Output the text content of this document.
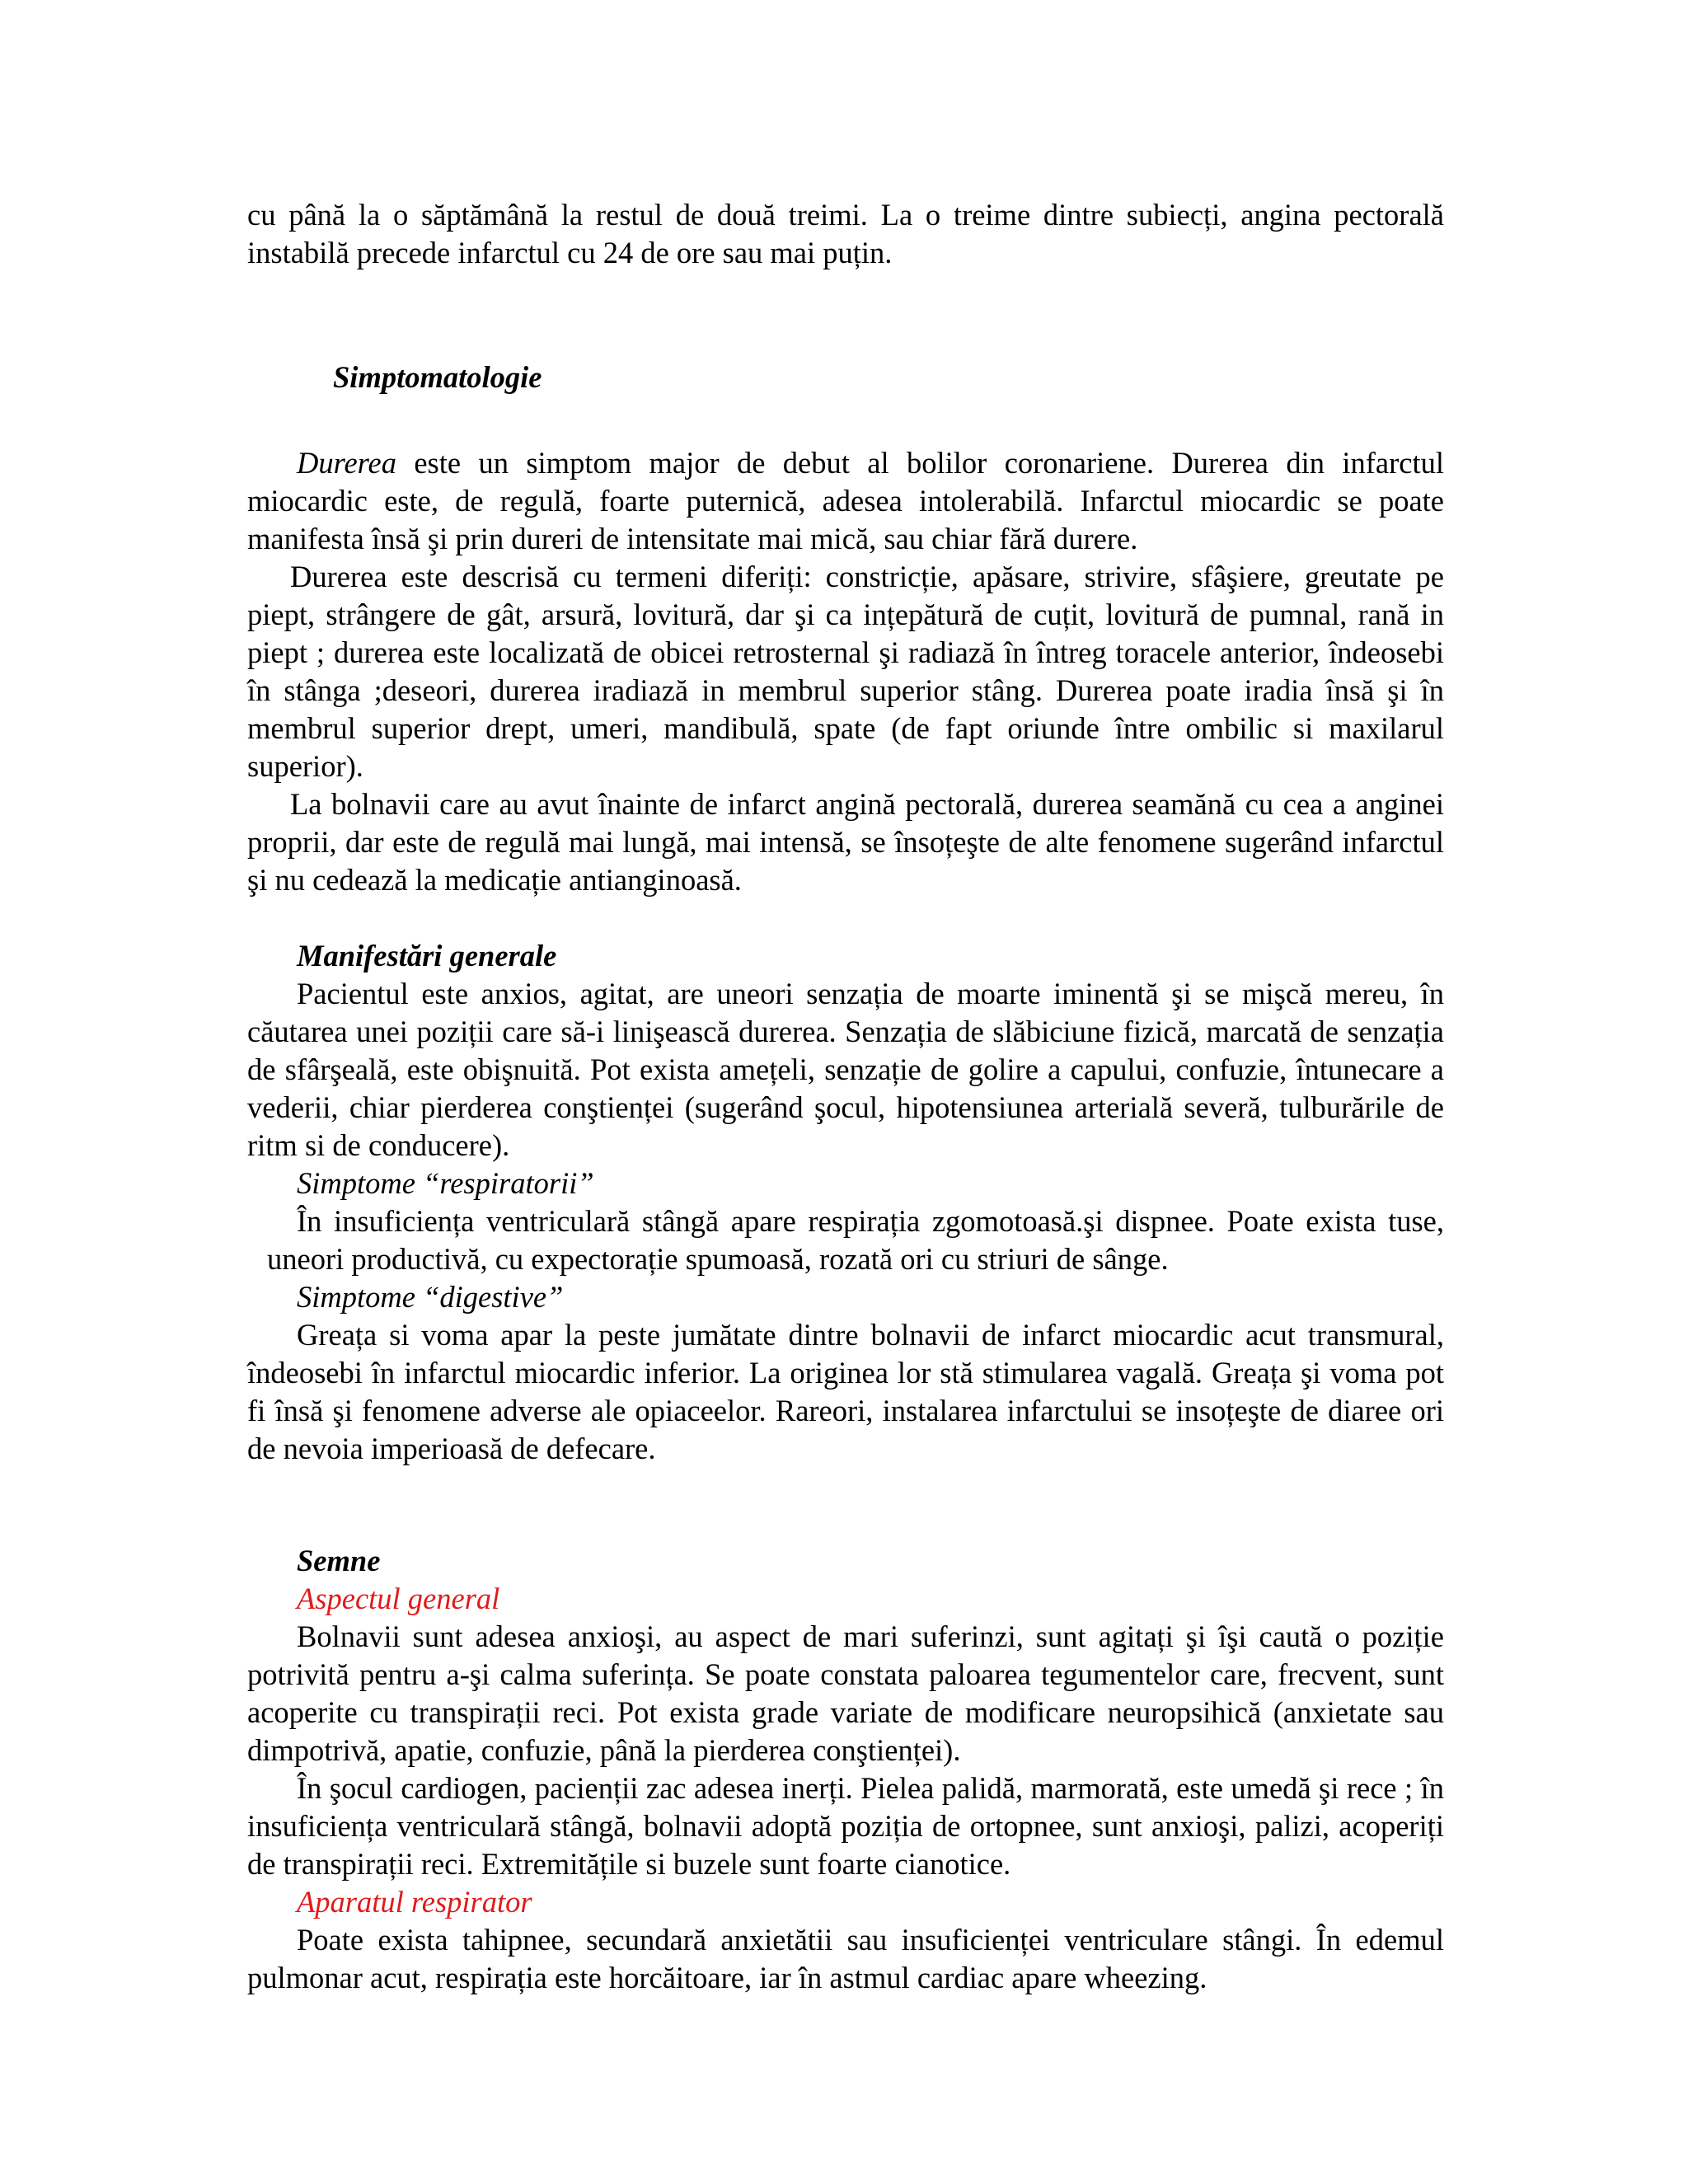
cu până la o săptămână la restul de două treimi. La o treime dintre subiecți, angina pectorală instabilă precede infarctul cu 24 de ore sau mai puțin.

Simptomatologie

Durerea este un simptom major de debut al bolilor coronariene. Durerea din infarctul miocardic este, de regulă, foarte puternică, adesea intolerabilă. Infarctul miocardic se poate manifesta însă şi prin dureri de intensitate mai mică, sau chiar fără durere.

Durerea este descrisă cu termeni diferiți: constricție, apăsare, strivire, sfâşiere, greutate pe piept, strângere de gât, arsură, lovitură, dar şi ca ințepătură de cuțit, lovitură de pumnal, rană in piept ; durerea este localizată de obicei retrosternal şi radiază în întreg toracele anterior, îndeosebi în stânga ;deseori, durerea iradiază in membrul superior stâng. Durerea poate iradia însă şi în membrul superior drept, umeri, mandibulă, spate (de fapt oriunde între ombilic si maxilarul superior).

La bolnavii care au avut înainte de infarct angină pectorală, durerea seamănă cu cea a anginei proprii, dar este de regulă mai lungă, mai intensă, se însoțeşte de alte fenomene sugerând infarctul şi nu cedează la medicație antianginoasă.

Manifestări generale

Pacientul este anxios, agitat, are uneori senzația de moarte iminentă şi se mişcă mereu, în căutarea unei poziții care să-i linişească durerea. Senzația de slăbiciune fizică, marcată de senzația de sfârşeală, este obişnuită. Pot exista amețeli, senzație de golire a capului, confuzie, întunecare a vederii, chiar pierderea conştienței (sugerând şocul, hipotensiunea arterială severă, tulburările de ritm si de conducere).

Simptome “respiratorii”

În insuficiența ventriculară stângă apare respirația zgomotoasă.şi dispnee. Poate exista tuse, uneori productivă, cu expectorație spumoasă, rozată ori cu striuri de sânge.

Simptome “digestive”

Greața si voma apar la peste jumătate dintre bolnavii de infarct miocardic acut transmural, îndeosebi în infarctul miocardic inferior. La originea lor stă stimularea vagală. Greața şi voma pot fi însă şi fenomene adverse ale opiaceelor. Rareori, instalarea infarctului se insoțeşte de diaree ori de nevoia imperioasă de defecare.

Semne

Aspectul general

Bolnavii sunt adesea anxioşi, au aspect de mari suferinzi, sunt agitați şi îşi caută o poziție potrivită pentru a-şi calma suferința. Se poate constata paloarea tegumentelor care, frecvent, sunt acoperite cu transpirații reci. Pot exista grade variate de modificare neuropsihică (anxietate sau dimpotrivă, apatie, confuzie, până la pierderea conştienței).

În şocul cardiogen, pacienții zac adesea inerți. Pielea palidă, marmorată, este umedă şi rece ; în insuficiența ventriculară stângă, bolnavii adoptă poziția de ortopnee, sunt anxioşi, palizi, acoperiți de transpirații reci. Extremitățile si buzele sunt foarte cianotice.

Aparatul respirator

Poate exista tahipnee, secundară anxietătii sau insuficienței ventriculare stângi. În edemul pulmonar acut, respirația este horcăitoare, iar în astmul cardiac apare wheezing.
